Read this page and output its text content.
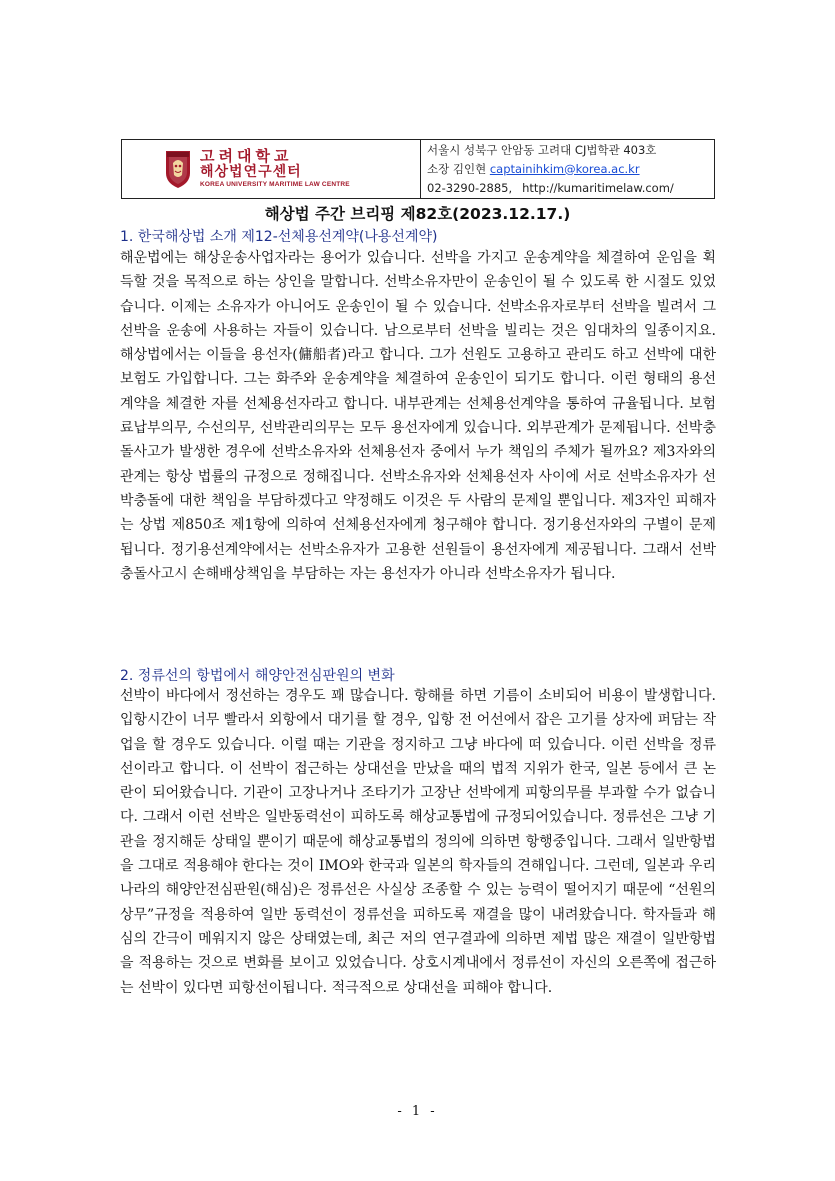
고려대학교
해상법연구센터
KOREA UNIVERSITY MARITIME LAW CENTRE
서울시 성북구 안암동 고려대 CJ법학관 403호
소장 김인현 captainihkim@korea.ac.kr
02-3290-2885, http://kumaritimelaw.com/
해상법 주간 브리핑 제82호(2023.12.17.)
1. 한국해상법 소개 제12-선체용선계약(나용선계약)

해운법에는 해상운송사업자라는 용어가 있습니다. 선박을 가지고 운송계약을 체결하여 운임을 획득할 것을 목적으로 하는 상인을 말합니다. 선박소유자만이 운송인이 될 수 있도록 한 시절도 있었습니다. 이제는 소유자가 아니어도 운송인이 될 수 있습니다. 선박소유자로부터 선박을 빌려서 그 선박을 운송에 사용하는 자들이 있습니다. 남으로부터 선박을 빌리는 것은 임대차의 일종이지요. 해상법에서는 이들을 용선자(傭船者)라고 합니다. 그가 선원도 고용하고 관리도 하고 선박에 대한 보험도 가입합니다. 그는 화주와 운송계약을 체결하여 운송인이 되기도 합니다. 이런 형태의 용선계약을 체결한 자를 선체용선자라고 합니다. 내부관계는 선체용선계약을 통하여 규율됩니다. 보험료납부의무, 수선의무, 선박관리의무는 모두 용선자에게 있습니다. 외부관계가 문제됩니다. 선박충돌사고가 발생한 경우에 선박소유자와 선체용선자 중에서 누가 책임의 주체가 될까요? 제3자와의 관계는 항상 법률의 규정으로 정해집니다. 선박소유자와 선체용선자 사이에 서로 선박소유자가 선박충돌에 대한 책임을 부담하겠다고 약정해도 이것은 두 사람의 문제일 뿐입니다. 제3자인 피해자는 상법 제850조 제1항에 의하여 선체용선자에게 청구해야 합니다. 정기용선자와의 구별이 문제됩니다. 정기용선계약에서는 선박소유자가 고용한 선원들이 용선자에게 제공됩니다. 그래서 선박충돌사고시 손해배상책임을 부담하는 자는 용선자가 아니라 선박소유자가 됩니다.

2. 정류선의 항법에서 해양안전심판원의 변화

선박이 바다에서 정선하는 경우도 꽤 많습니다. 항해를 하면 기름이 소비되어 비용이 발생합니다. 입항시간이 너무 빨라서 외항에서 대기를 할 경우, 입항 전 어선에서 잡은 고기를 상자에 퍼담는 작업을 할 경우도 있습니다. 이럴 때는 기관을 정지하고 그냥 바다에 떠 있습니다. 이런 선박을 정류선이라고 합니다. 이 선박이 접근하는 상대선을 만났을 때의 법적 지위가 한국, 일본 등에서 큰 논란이 되어왔습니다. 기관이 고장나거나 조타기가 고장난 선박에게 피항의무를 부과할 수가 없습니다. 그래서 이런 선박은 일반동력선이 피하도록 해상교통법에 규정되어있습니다. 정류선은 그냥 기관을 정지해둔 상태일 뿐이기 때문에 해상교통법의 정의에 의하면 항행중입니다. 그래서 일반항법을 그대로 적용해야 한다는 것이 IMO와 한국과 일본의 학자들의 견해입니다. 그런데, 일본과 우리나라의 해양안전심판원(해심)은 정류선은 사실상 조종할 수 있는 능력이 떨어지기 때문에 “선원의 상무”규정을 적용하여 일반 동력선이 정류선을 피하도록 재결을 많이 내려왔습니다. 학자들과 해심의 간극이 메워지지 않은 상태였는데, 최근 저의 연구결과에 의하면 제법 많은 재결이 일반항법을 적용하는 것으로 변화를 보이고 있었습니다. 상호시계내에서 정류선이 자신의 오른쪽에 접근하는 선박이 있다면 피항선이됩니다. 적극적으로 상대선을 피해야 합니다.

- 1 -
